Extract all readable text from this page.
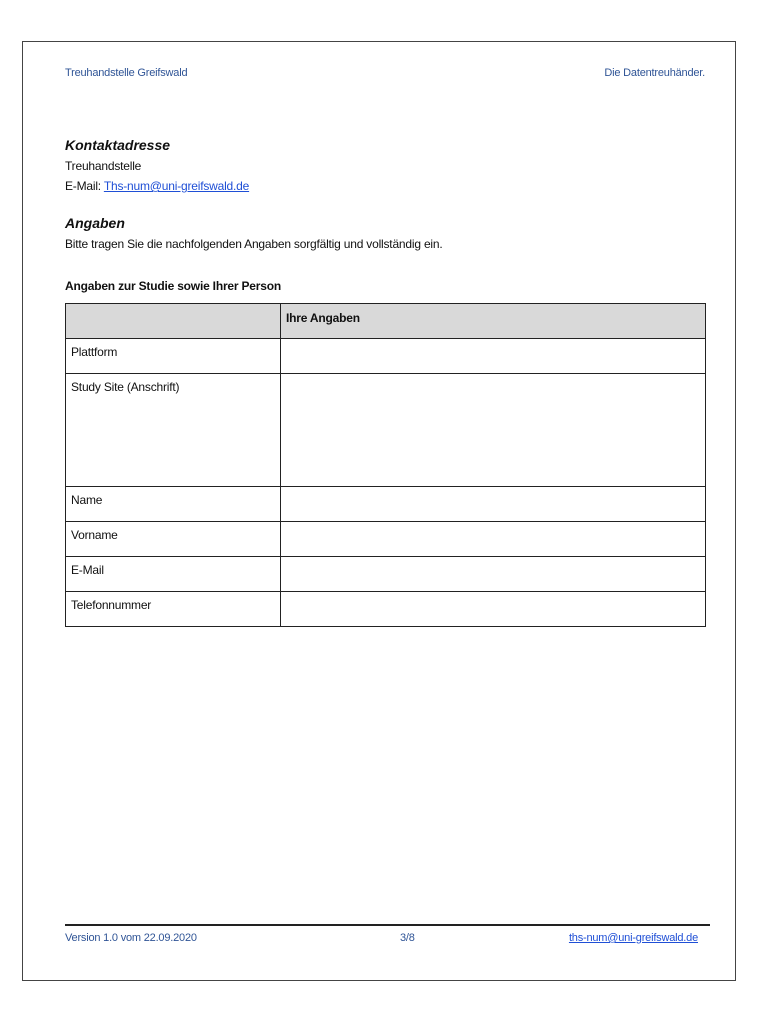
Treuhandstelle Greifswald	Die Datentreuhänder.
Kontaktadresse
Treuhandstelle
E-Mail: Ths-num@uni-greifswald.de
Angaben
Bitte tragen Sie die nachfolgenden Angaben sorgfältig und vollständig ein.
Angaben zur Studie sowie Ihrer Person
	Ihre Angaben
Plattform	
Study Site (Anschrift)	
Name	
Vorname	
E-Mail	
Telefonnummer	
Version 1.0 vom 22.09.2020	3/8	ths-num@uni-greifswald.de
